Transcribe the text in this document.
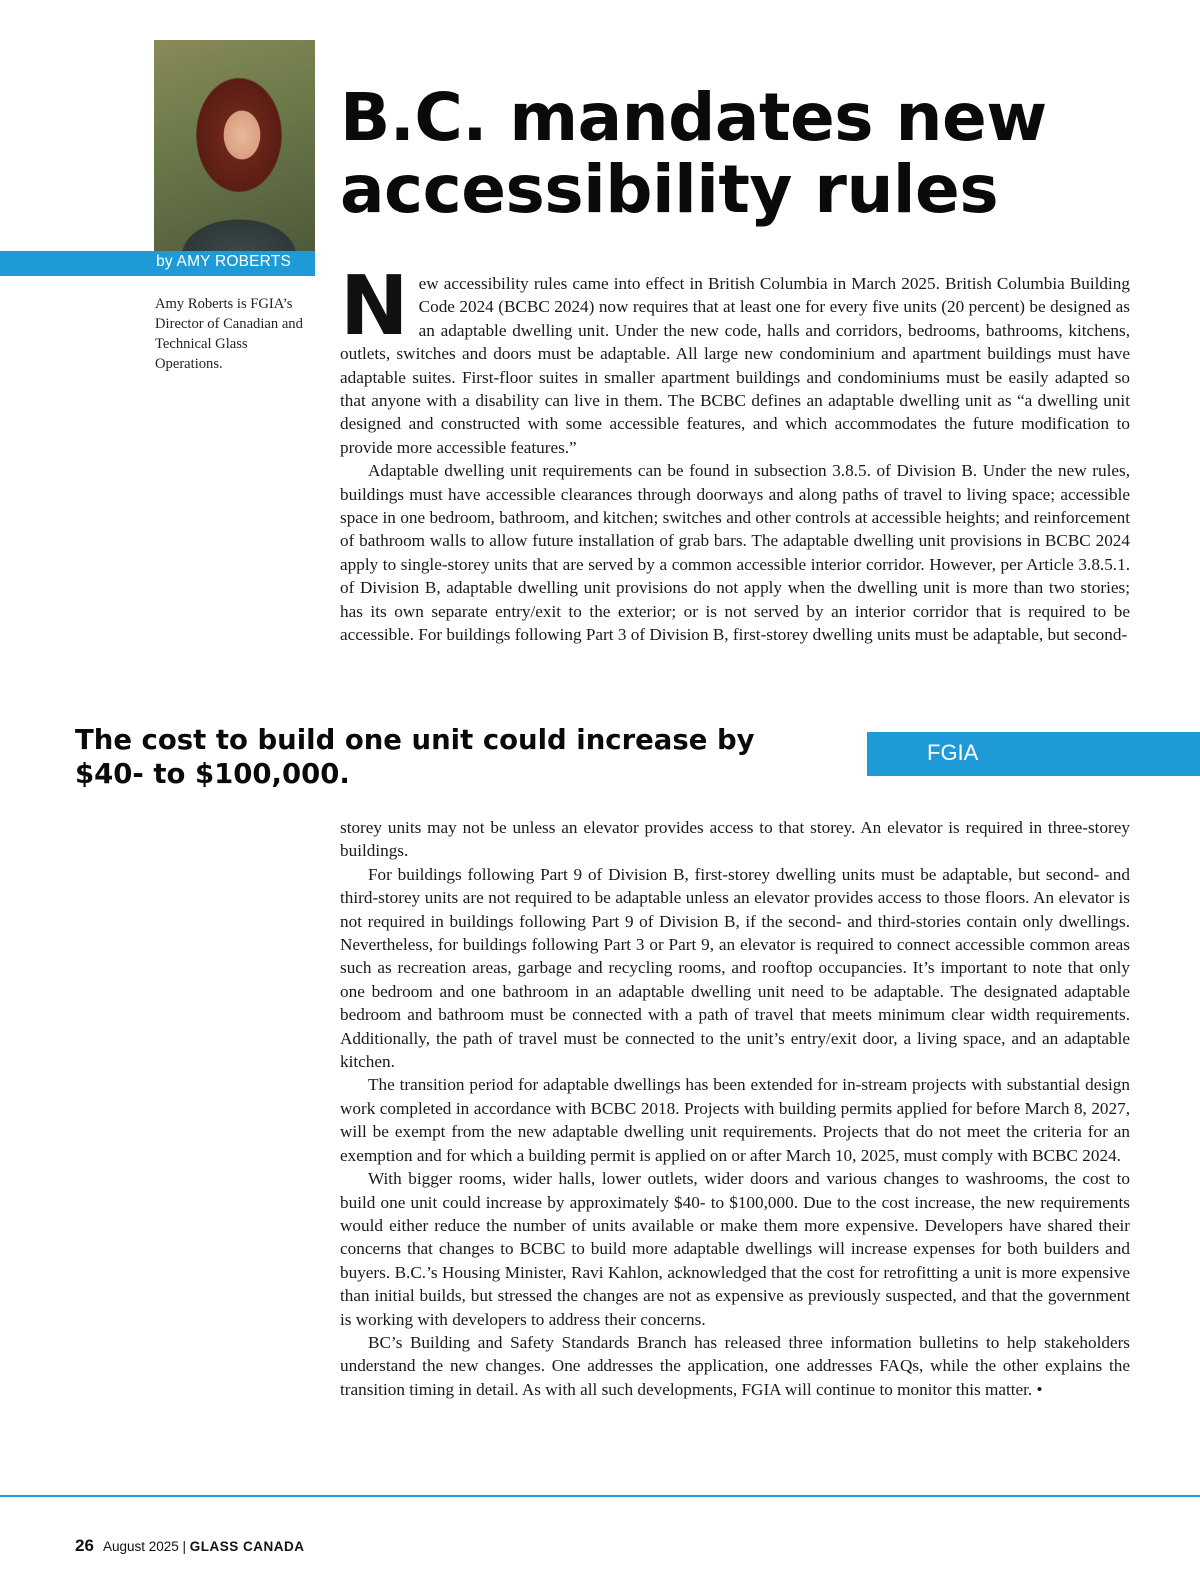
by AMY ROBERTS
Amy Roberts is FGIA’s Director of Canadian and Technical Glass Operations.
B.C. mandates new accessibility rules

New accessibility rules came into effect in British Columbia in March 2025. British Columbia Building Code 2024 (BCBC 2024) now requires that at least one for every five units (20 percent) be designed as an adaptable dwelling unit. Under the new code, halls and corridors, bedrooms, bathrooms, kitchens, outlets, switches and doors must be adaptable. All large new condominium and apartment buildings must have adaptable suites. First-floor suites in smaller apartment buildings and condominiums must be easily adapted so that anyone with a disability can live in them. The BCBC defines an adaptable dwelling unit as “a dwelling unit designed and constructed with some accessible features, and which accommodates the future modification to provide more accessible features.”

Adaptable dwelling unit requirements can be found in subsection 3.8.5. of Division B. Under the new rules, buildings must have accessible clearances through doorways and along paths of travel to living space; accessible space in one bedroom, bathroom, and kitchen; switches and other controls at accessible heights; and reinforcement of bathroom walls to allow future installation of grab bars. The adaptable dwelling unit provisions in BCBC 2024 apply to single-storey units that are served by a common accessible interior corridor. However, per Article 3.8.5.1. of Division B, adaptable dwelling unit provisions do not apply when the dwelling unit is more than two stories; has its own separate entry/exit to the exterior; or is not served by an interior corridor that is required to be accessible. For buildings following Part 3 of Division B, first-storey dwelling units must be adaptable, but second-

The cost to build one unit could increase by $40- to $100,000.
FGIA

storey units may not be unless an elevator provides access to that storey. An elevator is required in three-storey buildings.

For buildings following Part 9 of Division B, first-storey dwelling units must be adaptable, but second- and third-storey units are not required to be adaptable unless an elevator provides access to those floors. An elevator is not required in buildings following Part 9 of Division B, if the second- and third-stories contain only dwellings. Nevertheless, for buildings following Part 3 or Part 9, an elevator is required to connect accessible common areas such as recreation areas, garbage and recycling rooms, and rooftop occupancies. It’s important to note that only one bedroom and one bathroom in an adaptable dwelling unit need to be adaptable. The designated adaptable bedroom and bathroom must be connected with a path of travel that meets minimum clear width requirements. Additionally, the path of travel must be connected to the unit’s entry/exit door, a living space, and an adaptable kitchen.

The transition period for adaptable dwellings has been extended for in-stream projects with substantial design work completed in accordance with BCBC 2018. Projects with building permits applied for before March 8, 2027, will be exempt from the new adaptable dwelling unit requirements. Projects that do not meet the criteria for an exemption and for which a building permit is applied on or after March 10, 2025, must comply with BCBC 2024.

With bigger rooms, wider halls, lower outlets, wider doors and various changes to washrooms, the cost to build one unit could increase by approximately $40- to $100,000. Due to the cost increase, the new requirements would either reduce the number of units available or make them more expensive. Developers have shared their concerns that changes to BCBC to build more adaptable dwellings will increase expenses for both builders and buyers. B.C.’s Housing Minister, Ravi Kahlon, acknowledged that the cost for retrofitting a unit is more expensive than initial builds, but stressed the changes are not as expensive as previously suspected, and that the government is working with developers to address their concerns.

BC’s Building and Safety Standards Branch has released three information bulletins to help stakeholders understand the new changes. One addresses the application, one addresses FAQs, while the other explains the transition timing in detail. As with all such developments, FGIA will continue to monitor this matter. •

26 August 2025 | GLASS CANADA
